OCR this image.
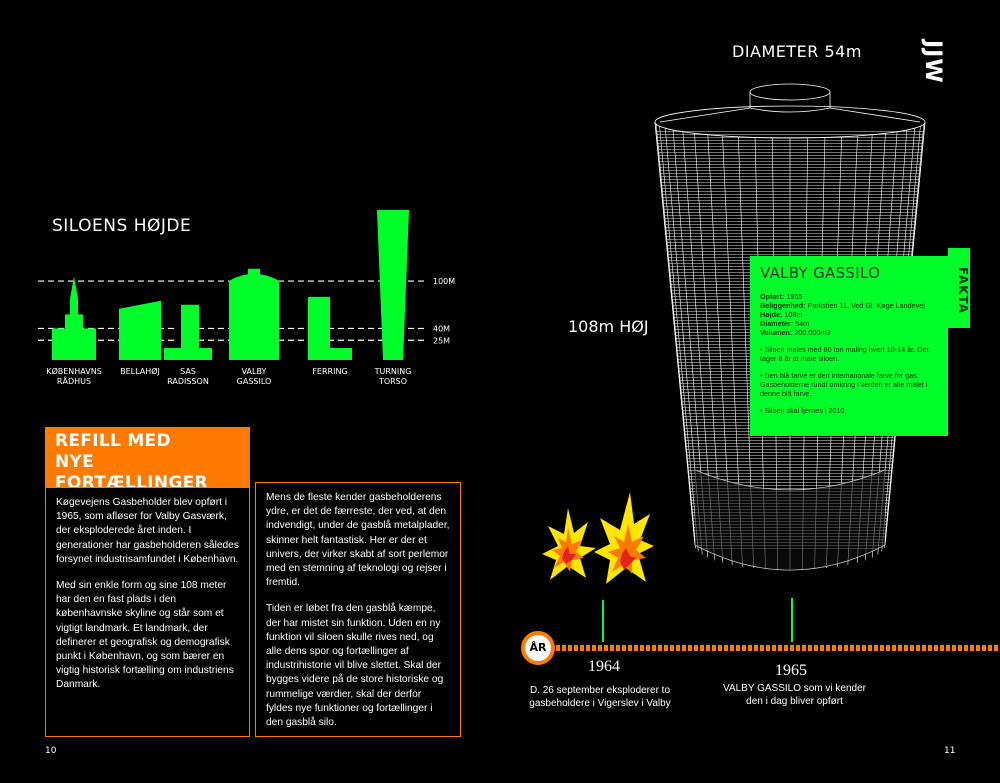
SILOENS HØJDE
100M
40M
25M
KØBENHAVNS
RÅDHUS
BELLAHØJ	SAS
RADISSON
VALBY
GASSILO
FERRING	TURNING
TORSO
REFILL MED
NYE FORTÆLLINGER

Køgevejens Gasbeholder blev opført i 1965, som afløser for Valby Gasværk, der eksploderede året inden. I generationer har gasbeholderen således forsynet industrisamfundet i København.

Med sin enkle form og sine 108 meter har den en fast plads i den københavnske skyline og står som et vigtigt landmark. Et landmark, der definerer et geografisk og demografisk punkt i København, og som bærer en vigtig historisk fortælling om industriens Danmark.

Mens de fleste kender gasbeholderens ydre, er det de færreste, der ved, at den indvendigt, under de gasblå metalplader, skinner helt fantastisk. Her er der et univers, der virker skabt af sort perlemor med en stemning af teknologi og rejser i fremtid.

Tiden er løbet fra den gasblå kæmpe, der har mistet sin funktion. Uden en ny funktion vil siloen skulle rives ned, og alle dens spor og fortællinger af industrihistorie vil blive slettet. Skal der bygges videre på de store historiske og rummelige værdier, skal der derfor fyldes nye funktioner og fortællinger i den gasblå silo.

10
DIAMETER 54m	JJW
108m HØJ
VALBY GASSILO
Opført: 1965
Beliggenhed: Parkstien 11, Ved Gl. Køge Landevej
Højde: 108m
Diameter: 54m
Volumen: 200.000m3
• Siloen males med 80 ton maling hvert 10-14 år. Det tager 8 år at male siloen.
• Den blå farve er den internationale farve for gas. Gasbeholderne rundt omkring i verden er alle malet i denne blå farve.
• Siloen skal fjernes i 2010.
FAKTA
ÅR
1964
D. 26 september eksploderer to gasbeholdere i Vigerslev i Valby
1965
VALBY GASSILO som vi kender den i dag bliver opført
11
